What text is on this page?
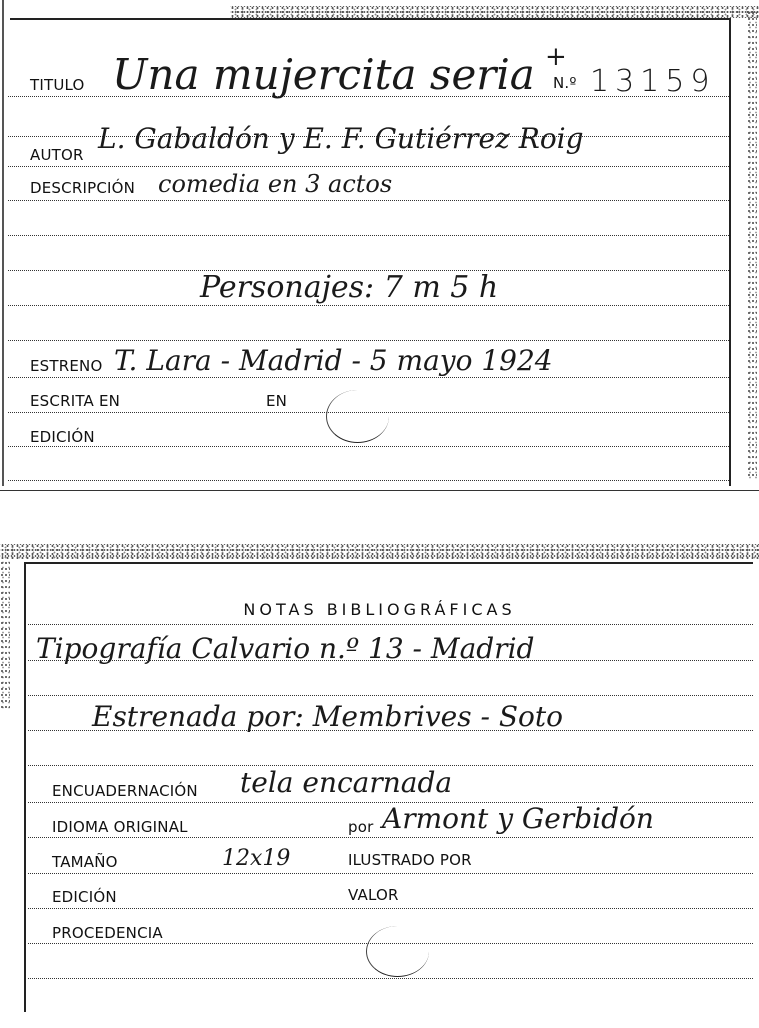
TITULO Una mujercita seria +
N.º 13159
AUTOR L. Gabaldón y E. F. Gutiérrez Roig
DESCRIPCIÓN comedia en 3 actos
Personajes: 7 m 5 h
ESTRENO T. Lara - Madrid - 5 mayo 1924
ESCRITA EN	EN
EDICIÓN
NOTAS BIBLIOGRÁFICAS
Tipografía Calvario n.º 13 - Madrid
Estrenada por: Membrives - Soto
ENCUADERNACIÓN tela encarnada
IDIOMA ORIGINAL	por Armont y Gerbidón
TAMAÑO	12x19	ILUSTRADO POR
EDICIÓN	VALOR
PROCEDENCIA
